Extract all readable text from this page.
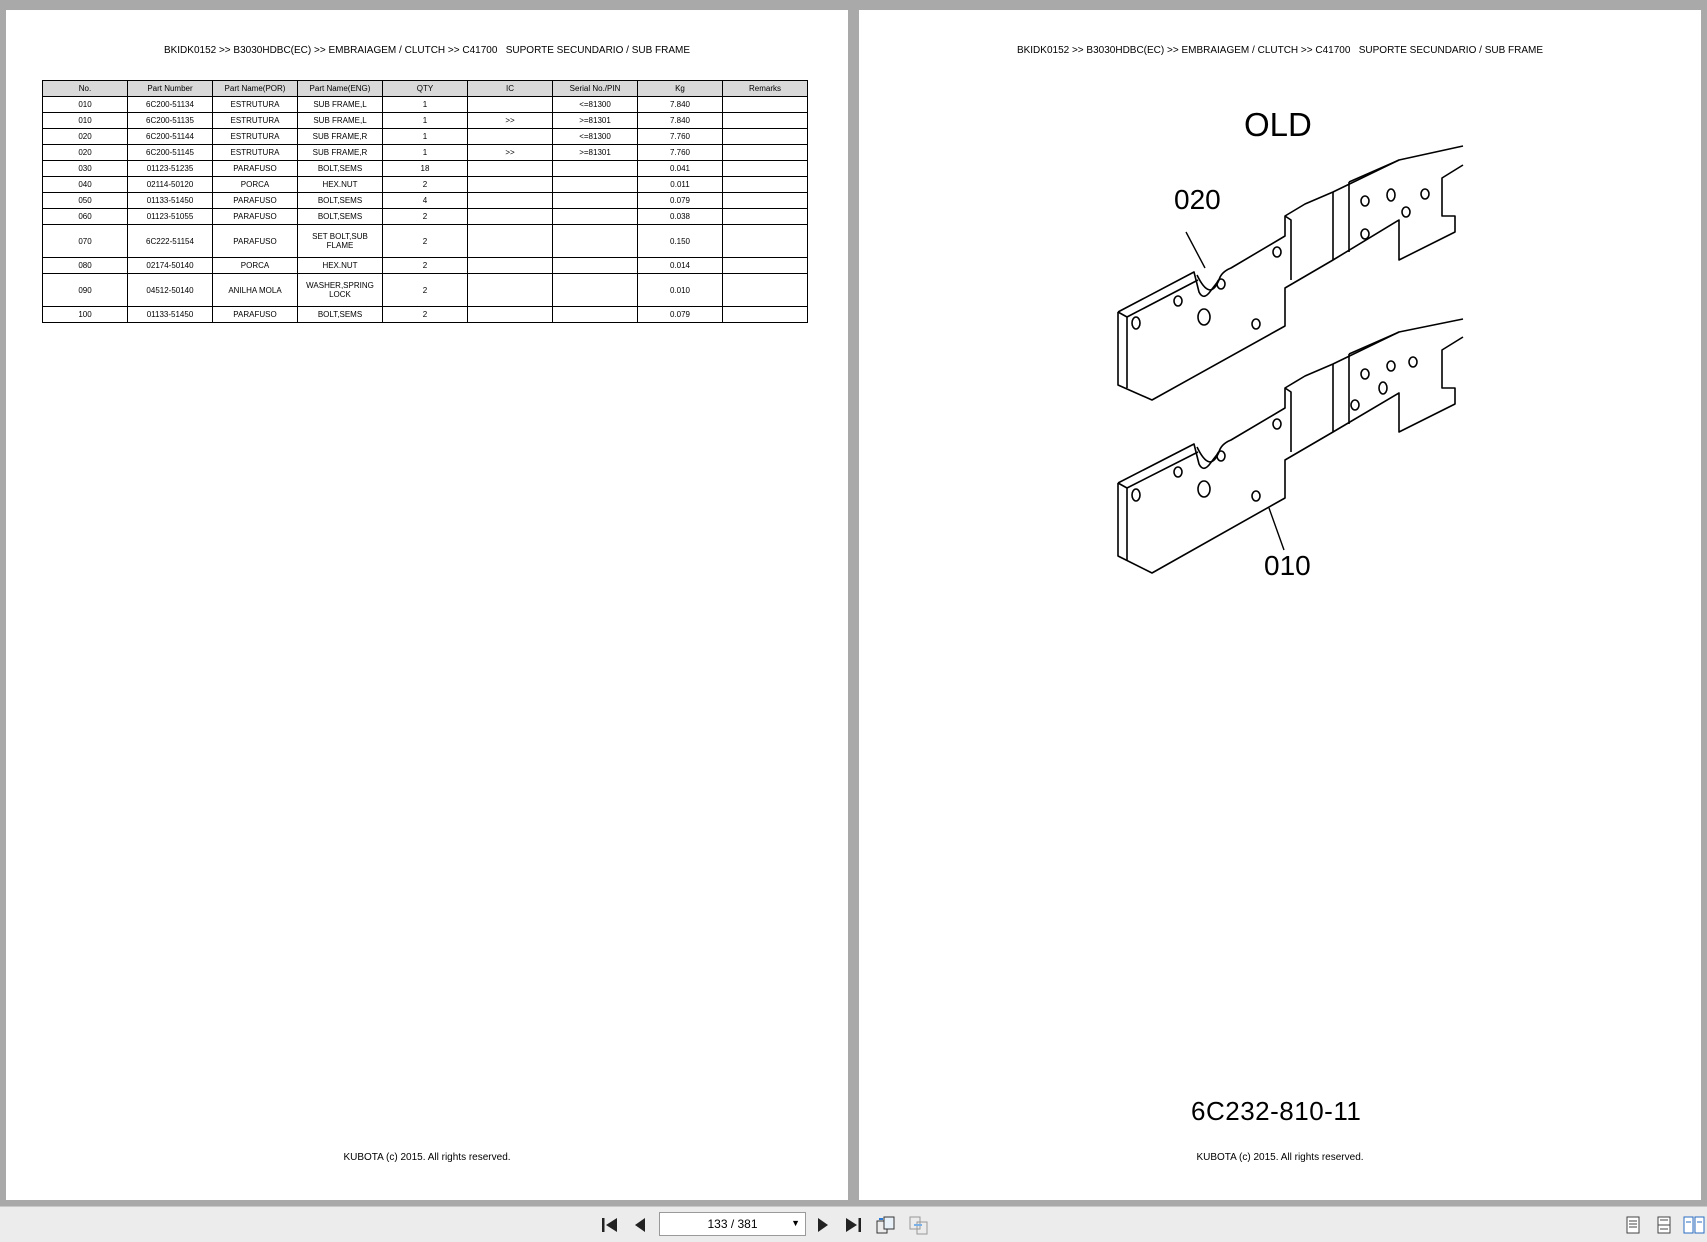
BKIDK0152 >> B3030HDBC(EC) >> EMBRAIAGEM / CLUTCH >> C41700   SUPORTE SECUNDARIO / SUB FRAME
No.	Part Number	Part Name(POR)	Part Name(ENG)	QTY	IC	Serial No./PIN	Kg	Remarks
010	6C200-51134	ESTRUTURA	SUB FRAME,L	1		<=81300	7.840	
010	6C200-51135	ESTRUTURA	SUB FRAME,L	1	>>	>=81301	7.840	
020	6C200-51144	ESTRUTURA	SUB FRAME,R	1		<=81300	7.760	
020	6C200-51145	ESTRUTURA	SUB FRAME,R	1	>>	>=81301	7.760	
030	01123-51235	PARAFUSO	BOLT,SEMS	18			0.041	
040	02114-50120	PORCA	HEX.NUT	2			0.011	
050	01133-51450	PARAFUSO	BOLT,SEMS	4			0.079	
060	01123-51055	PARAFUSO	BOLT,SEMS	2			0.038	
070	6C222-51154	PARAFUSO	SET BOLT,SUB FLAME	2			0.150	
080	02174-50140	PORCA	HEX.NUT	2			0.014	
090	04512-50140	ANILHA MOLA	WASHER,SPRING LOCK	2			0.010	
100	01133-51450	PARAFUSO	BOLT,SEMS	2			0.079	
KUBOTA (c) 2015. All rights reserved.
BKIDK0152 >> B3030HDBC(EC) >> EMBRAIAGEM / CLUTCH >> C41700   SUPORTE SECUNDARIO / SUB FRAME
OLD
020
010
6C232-810-11
KUBOTA (c) 2015. All rights reserved.
133 / 381	▼
